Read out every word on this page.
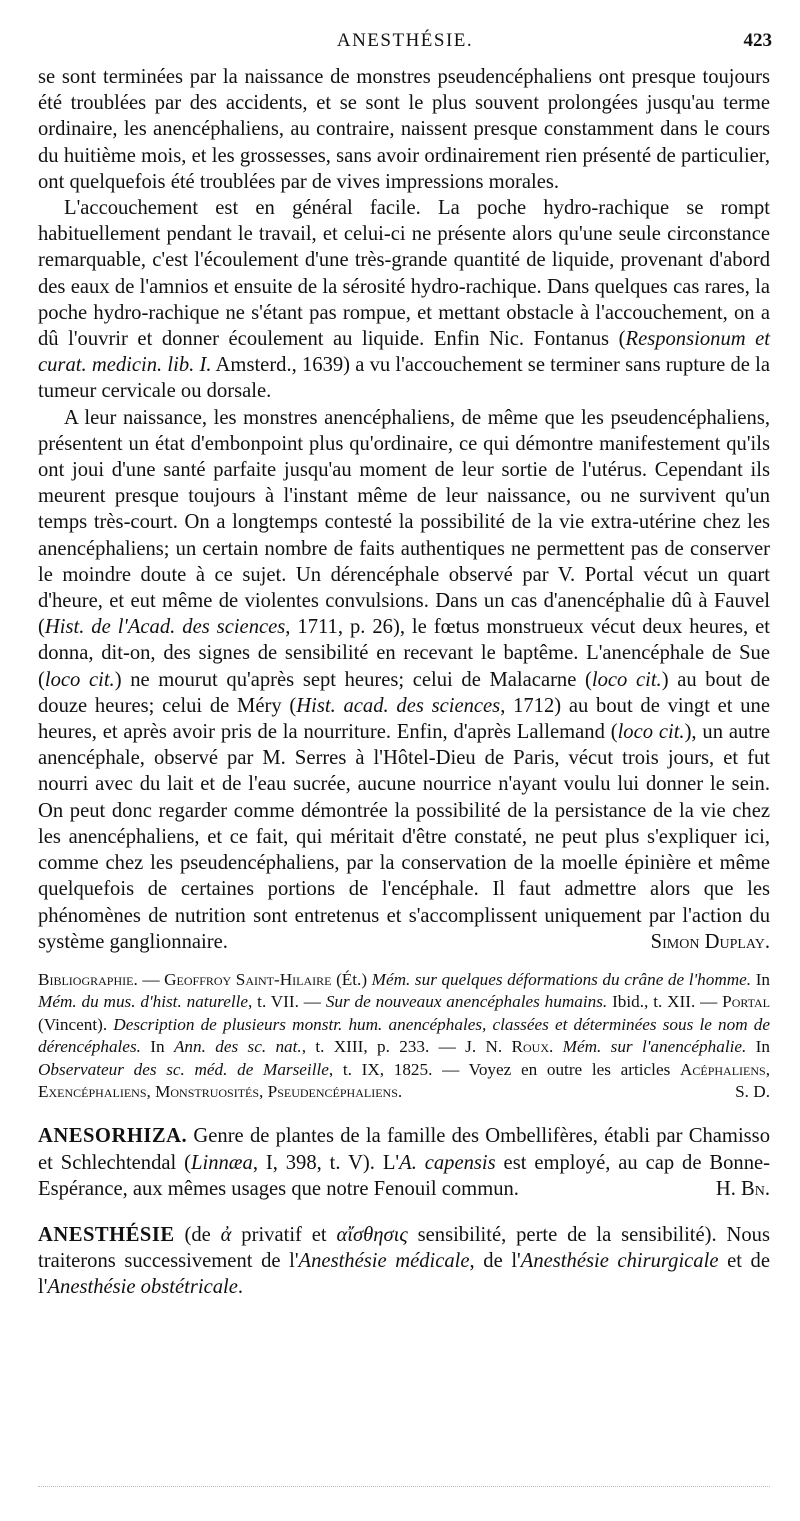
ANESTHÉSIE.	423

se sont terminées par la naissance de monstres pseudencéphaliens ont presque toujours été troublées par des accidents, et se sont le plus souvent prolongées jusqu'au terme ordinaire, les anencéphaliens, au contraire, naissent presque constamment dans le cours du huitième mois, et les grossesses, sans avoir ordinairement rien présenté de particulier, ont quelquefois été troublées par de vives impressions morales.

L'accouchement est en général facile. La poche hydro-rachique se rompt habituellement pendant le travail, et celui-ci ne présente alors qu'une seule circonstance remarquable, c'est l'écoulement d'une très-grande quantité de liquide, provenant d'abord des eaux de l'amnios et ensuite de la sérosité hydro-rachique. Dans quelques cas rares, la poche hydro-rachique ne s'étant pas rompue, et mettant obstacle à l'accouchement, on a dû l'ouvrir et donner écoulement au liquide. Enfin Nic. Fontanus (Responsionum et curat. medicin. lib. I. Amsterd., 1639) a vu l'accouchement se terminer sans rupture de la tumeur cervicale ou dorsale.

A leur naissance, les monstres anencéphaliens, de même que les pseudencéphaliens, présentent un état d'embonpoint plus qu'ordinaire, ce qui démontre manifestement qu'ils ont joui d'une santé parfaite jusqu'au moment de leur sortie de l'utérus. Cependant ils meurent presque toujours à l'instant même de leur naissance, ou ne survivent qu'un temps très-court. On a longtemps contesté la possibilité de la vie extra-utérine chez les anencéphaliens; un certain nombre de faits authentiques ne permettent pas de conserver le moindre doute à ce sujet. Un dérencéphale observé par V. Portal vécut un quart d'heure, et eut même de violentes convulsions. Dans un cas d'anencéphalie dû à Fauvel (Hist. de l'Acad. des sciences, 1711, p. 26), le fœtus monstrueux vécut deux heures, et donna, dit-on, des signes de sensibilité en recevant le baptême. L'anencéphale de Sue (loco cit.) ne mourut qu'après sept heures; celui de Malacarne (loco cit.) au bout de douze heures; celui de Méry (Hist. acad. des sciences, 1712) au bout de vingt et une heures, et après avoir pris de la nourriture. Enfin, d'après Lallemand (loco cit.), un autre anencéphale, observé par M. Serres à l'Hôtel-Dieu de Paris, vécut trois jours, et fut nourri avec du lait et de l'eau sucrée, aucune nourrice n'ayant voulu lui donner le sein. On peut donc regarder comme démontrée la possibilité de la persistance de la vie chez les anencéphaliens, et ce fait, qui méritait d'être constaté, ne peut plus s'expliquer ici, comme chez les pseudencéphaliens, par la conservation de la moelle épinière et même quelquefois de certaines portions de l'encéphale. Il faut admettre alors que les phénomènes de nutrition sont entretenus et s'accomplissent uniquement par l'action du système ganglionnaire.	Simon Duplay.

Bibliographie. — Geoffroy Saint-Hilaire (Ét.) Mém. sur quelques déformations du crâne de l'homme. In Mém. du mus. d'hist. naturelle, t. VII. — Sur de nouveaux anencéphales humains. Ibid., t. XII. — Portal (Vincent). Description de plusieurs monstr. hum. anencéphales, classées et déterminées sous le nom de dérencéphales. In Ann. des sc. nat., t. XIII, p. 233. — J. N. Roux. Mém. sur l'anencéphalie. In Observateur des sc. méd. de Marseille, t. IX, 1825. — Voyez en outre les articles Acéphaliens, Exencéphaliens, Monstruosités, Pseudencéphaliens.	S. D.

ANESORHIZA. Genre de plantes de la famille des Ombellifères, établi par Chamisso et Schlechtendal (Linnæa, I, 398, t. V). L'A. capensis est employé, au cap de Bonne-Espérance, aux mêmes usages que notre Fenouil commun.	H. Bn.

ANESTHÉSIE (de ἀ privatif et αἴσθησις sensibilité, perte de la sensibilité). Nous traiterons successivement de l'Anesthésie médicale, de l'Anesthésie chirurgicale et de l'Anesthésie obstétricale.
